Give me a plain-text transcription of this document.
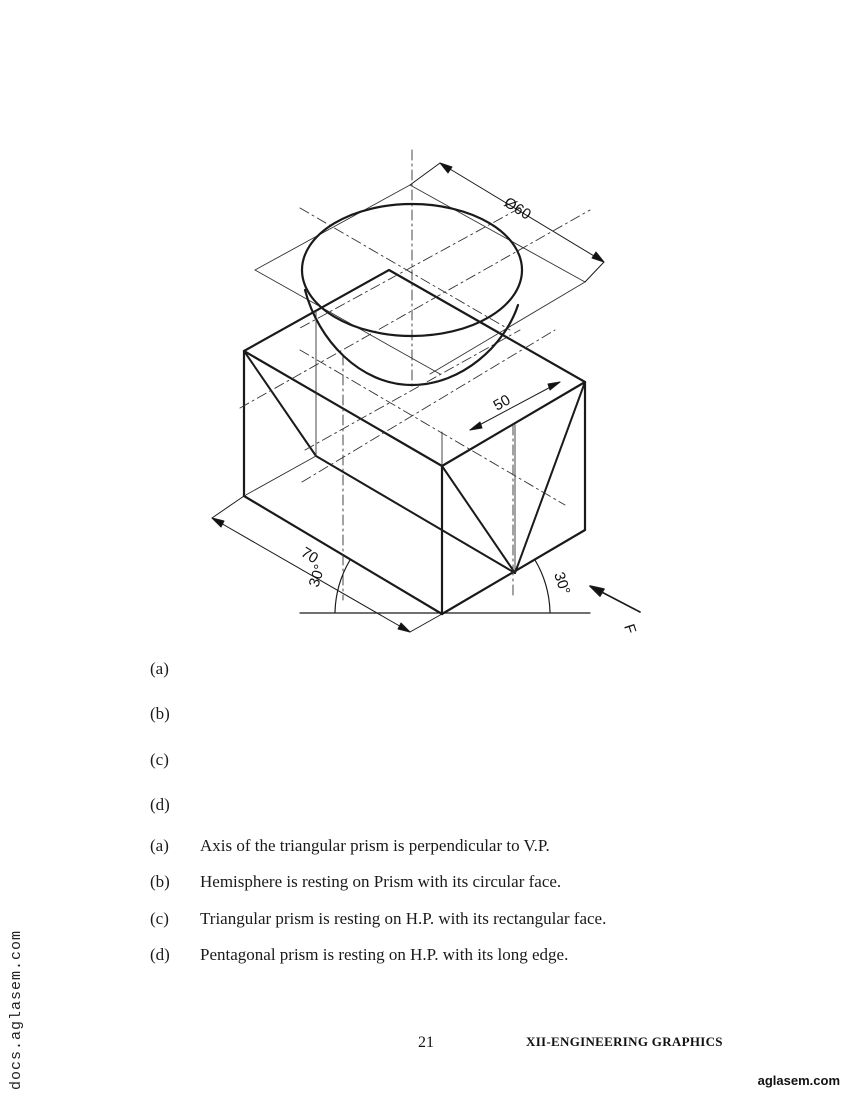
Ø60
50
70
30°	30°
F
(a)
(b)
(c)
(d)
(a) Axis of the triangular prism is perpendicular to V.P.
(b) Hemisphere is resting on Prism with its circular face.
(c) Triangular prism is resting on H.P. with its rectangular face.
(d) Pentagonal prism is resting on H.P. with its long edge.
21	XII-ENGINEERING GRAPHICS
docs.aglasem.com	aglasem.com
